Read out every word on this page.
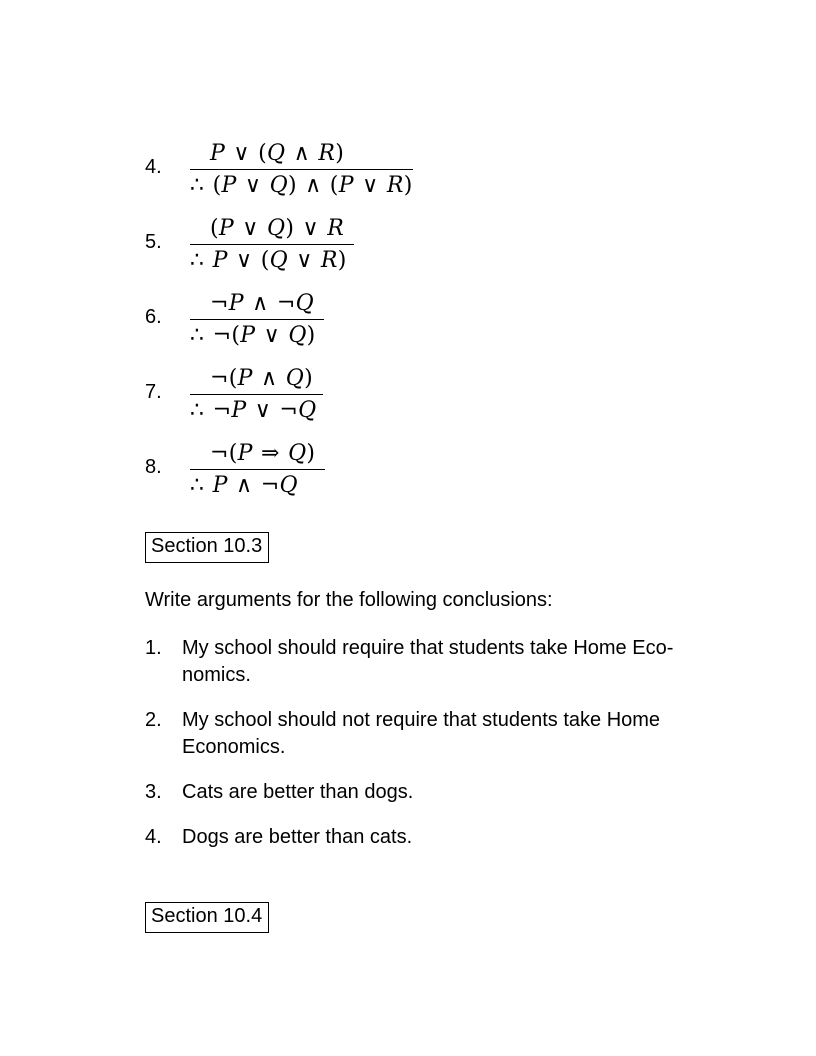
4.	$\frac{P \vee (Q \wedge R)}{\therefore (P \vee Q) \wedge (P \vee R)}$
5.	$\frac{(P \vee Q) \vee R}{\therefore P \vee (Q \vee R)}$
6.	$\frac{\neg P \wedge \neg Q}{\therefore \neg(P \vee Q)}$
7.	$\frac{\neg(P \wedge Q)}{\therefore \neg P \vee \neg Q}$
8.	$\frac{\neg(P \Rightarrow Q)}{\therefore P \wedge \neg Q}$
Section 10.3
Write arguments for the following conclusions:
1.	My school should require that students take Home Eco-
nomics.
2.	My school should not require that students take Home
Economics.
3.	Cats are better than dogs.
4.	Dogs are better than cats.
Section 10.4
